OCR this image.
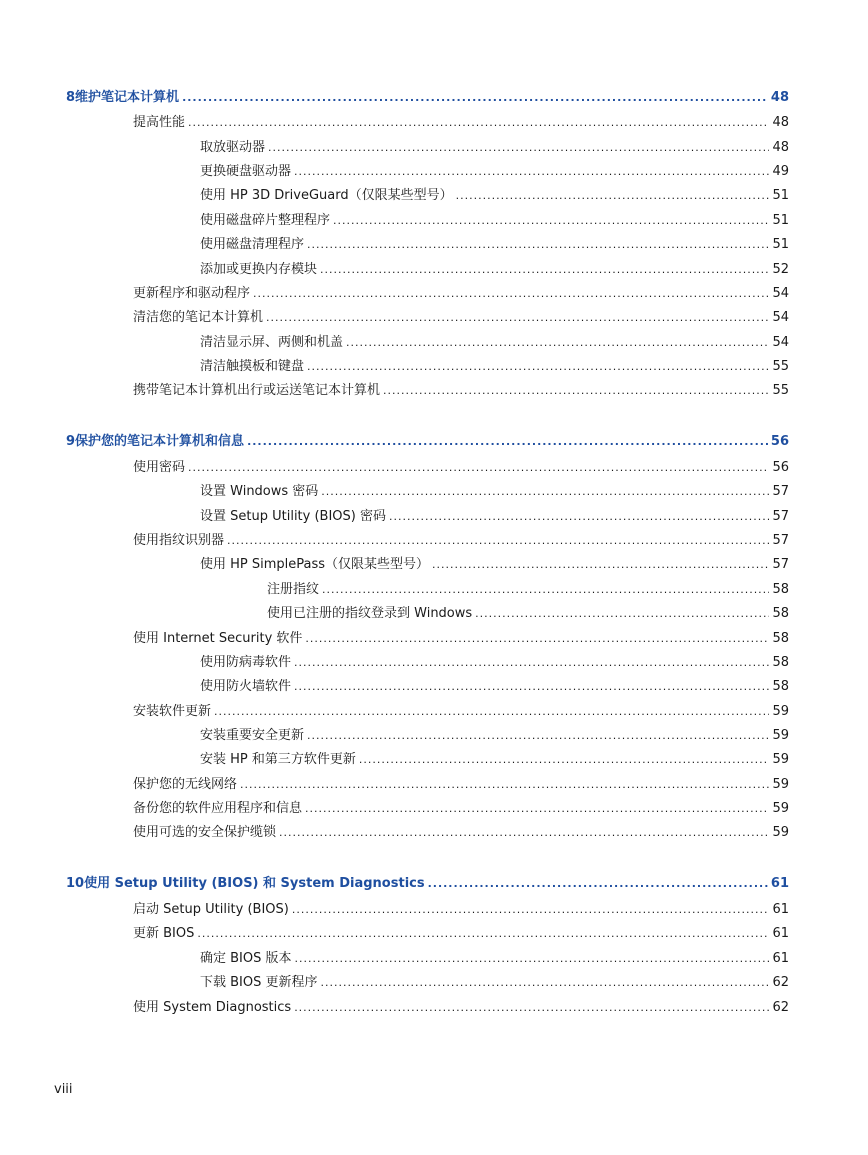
8 维护笔记本计算机 .....	48
提高性能 .....	48
取放驱动器 .....	48
更换硬盘驱动器 .....	49
使用 HP 3D DriveGuard（仅限某些型号） .....	51
使用磁盘碎片整理程序 .....	51
使用磁盘清理程序 .....	51
添加或更换内存模块 .....	52
更新程序和驱动程序 .....	54
清洁您的笔记本计算机 .....	54
清洁显示屏、两侧和机盖 .....	54
清洁触摸板和键盘 .....	55
携带笔记本计算机出行或运送笔记本计算机 .....	55
9 保护您的笔记本计算机和信息 .....	56
使用密码 .....	56
设置 Windows 密码 .....	57
设置 Setup Utility (BIOS) 密码 .....	57
使用指纹识别器 .....	57
使用 HP SimplePass（仅限某些型号） .....	57
注册指纹 .....	58
使用已注册的指纹登录到 Windows .....	58
使用 Internet Security 软件 .....	58
使用防病毒软件 .....	58
使用防火墙软件 .....	58
安装软件更新 .....	59
安装重要安全更新 .....	59
安装 HP 和第三方软件更新 .....	59
保护您的无线网络 .....	59
备份您的软件应用程序和信息 .....	59
使用可选的安全保护缆锁 .....	59
10 使用 Setup Utility (BIOS) 和 System Diagnostics .....	61
启动 Setup Utility (BIOS) .....	61
更新 BIOS .....	61
确定 BIOS 版本 .....	61
下载 BIOS 更新程序 .....	62
使用 System Diagnostics .....	62
viii
